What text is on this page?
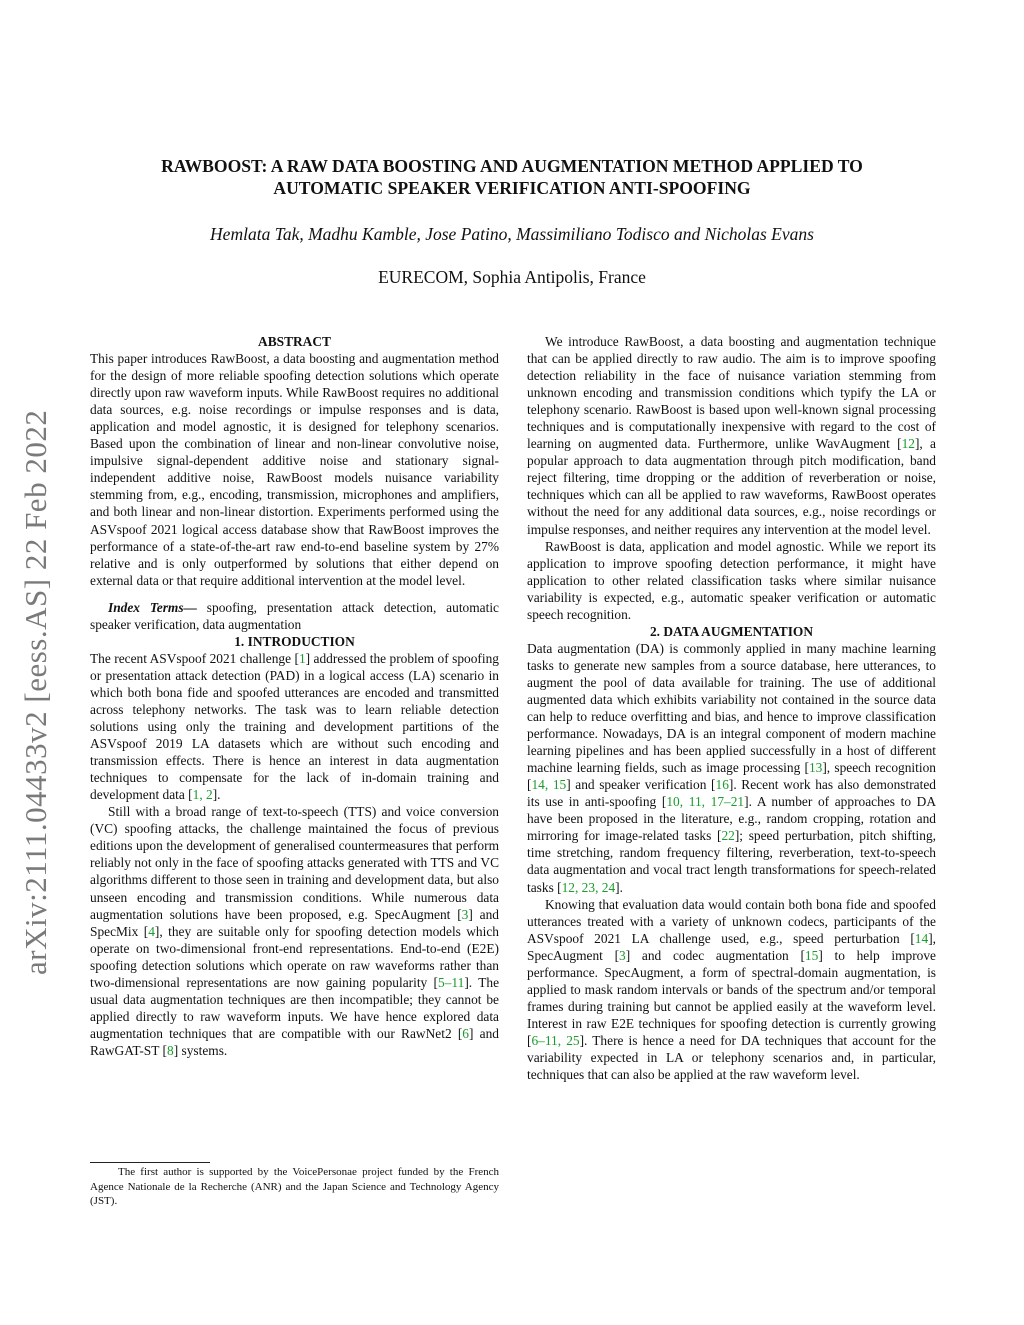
arXiv:2111.04433v2 [eess.AS] 22 Feb 2022
RAWBOOST: A RAW DATA BOOSTING AND AUGMENTATION METHOD APPLIED TO AUTOMATIC SPEAKER VERIFICATION ANTI-SPOOFING
Hemlata Tak, Madhu Kamble, Jose Patino, Massimiliano Todisco and Nicholas Evans
EURECOM, Sophia Antipolis, France

ABSTRACT

This paper introduces RawBoost, a data boosting and augmentation method for the design of more reliable spoofing detection solutions which operate directly upon raw waveform inputs. While RawBoost requires no additional data sources, e.g. noise recordings or impulse responses and is data, application and model agnostic, it is designed for telephony scenarios. Based upon the combination of linear and non-linear convolutive noise, impulsive signal-dependent additive noise and stationary signal-independent additive noise, RawBoost models nuisance variability stemming from, e.g., encoding, transmission, microphones and amplifiers, and both linear and non-linear distortion. Experiments performed using the ASVspoof 2021 logical access database show that RawBoost improves the performance of a state-of-the-art raw end-to-end baseline system by 27% relative and is only outperformed by solutions that either depend on external data or that require additional intervention at the model level.

Index Terms— spoofing, presentation attack detection, automatic speaker verification, data augmentation

1. INTRODUCTION

The recent ASVspoof 2021 challenge [1] addressed the problem of spoofing or presentation attack detection (PAD) in a logical access (LA) scenario in which both bona fide and spoofed utterances are encoded and transmitted across telephony networks. The task was to learn reliable detection solutions using only the training and development partitions of the ASVspoof 2019 LA datasets which are without such encoding and transmission effects. There is hence an interest in data augmentation techniques to compensate for the lack of in-domain training and development data [1, 2].

Still with a broad range of text-to-speech (TTS) and voice conversion (VC) spoofing attacks, the challenge maintained the focus of previous editions upon the development of generalised countermeasures that perform reliably not only in the face of spoofing attacks generated with TTS and VC algorithms different to those seen in training and development data, but also unseen encoding and transmission conditions. While numerous data augmentation solutions have been proposed, e.g. SpecAugment [3] and SpecMix [4], they are suitable only for spoofing detection models which operate on two-dimensional front-end representations. End-to-end (E2E) spoofing detection solutions which operate on raw waveforms rather than two-dimensional representations are now gaining popularity [5–11]. The usual data augmentation techniques are then incompatible; they cannot be applied directly to raw waveform inputs. We have hence explored data augmentation techniques that are compatible with our RawNet2 [6] and RawGAT-ST [8] systems.

The first author is supported by the VoicePersonae project funded by the French Agence Nationale de la Recherche (ANR) and the Japan Science and Technology Agency (JST).

We introduce RawBoost, a data boosting and augmentation technique that can be applied directly to raw audio. The aim is to improve spoofing detection reliability in the face of nuisance variation stemming from unknown encoding and transmission conditions which typify the LA or telephony scenario. RawBoost is based upon well-known signal processing techniques and is computationally inexpensive with regard to the cost of learning on augmented data. Furthermore, unlike WavAugment [12], a popular approach to data augmentation through pitch modification, band reject filtering, time dropping or the addition of reverberation or noise, techniques which can all be applied to raw waveforms, RawBoost operates without the need for any additional data sources, e.g., noise recordings or impulse responses, and neither requires any intervention at the model level.

RawBoost is data, application and model agnostic. While we report its application to improve spoofing detection performance, it might have application to other related classification tasks where similar nuisance variability is expected, e.g., automatic speaker verification or automatic speech recognition.

2. DATA AUGMENTATION

Data augmentation (DA) is commonly applied in many machine learning tasks to generate new samples from a source database, here utterances, to augment the pool of data available for training. The use of additional augmented data which exhibits variability not contained in the source data can help to reduce overfitting and bias, and hence to improve classification performance. Nowadays, DA is an integral component of modern machine learning pipelines and has been applied successfully in a host of different machine learning fields, such as image processing [13], speech recognition [14, 15] and speaker verification [16]. Recent work has also demonstrated its use in anti-spoofing [10, 11, 17–21]. A number of approaches to DA have been proposed in the literature, e.g., random cropping, rotation and mirroring for image-related tasks [22]; speed perturbation, pitch shifting, time stretching, random frequency filtering, reverberation, text-to-speech data augmentation and vocal tract length transformations for speech-related tasks [12, 23, 24].

Knowing that evaluation data would contain both bona fide and spoofed utterances treated with a variety of unknown codecs, participants of the ASVspoof 2021 LA challenge used, e.g., speed perturbation [14], SpecAugment [3] and codec augmentation [15] to help improve performance. SpecAugment, a form of spectral-domain augmentation, is applied to mask random intervals or bands of the spectrum and/or temporal frames during training but cannot be applied easily at the waveform level. Interest in raw E2E techniques for spoofing detection is currently growing [6–11, 25]. There is hence a need for DA techniques that account for the variability expected in LA or telephony scenarios and, in particular, techniques that can also be applied at the raw waveform level.
